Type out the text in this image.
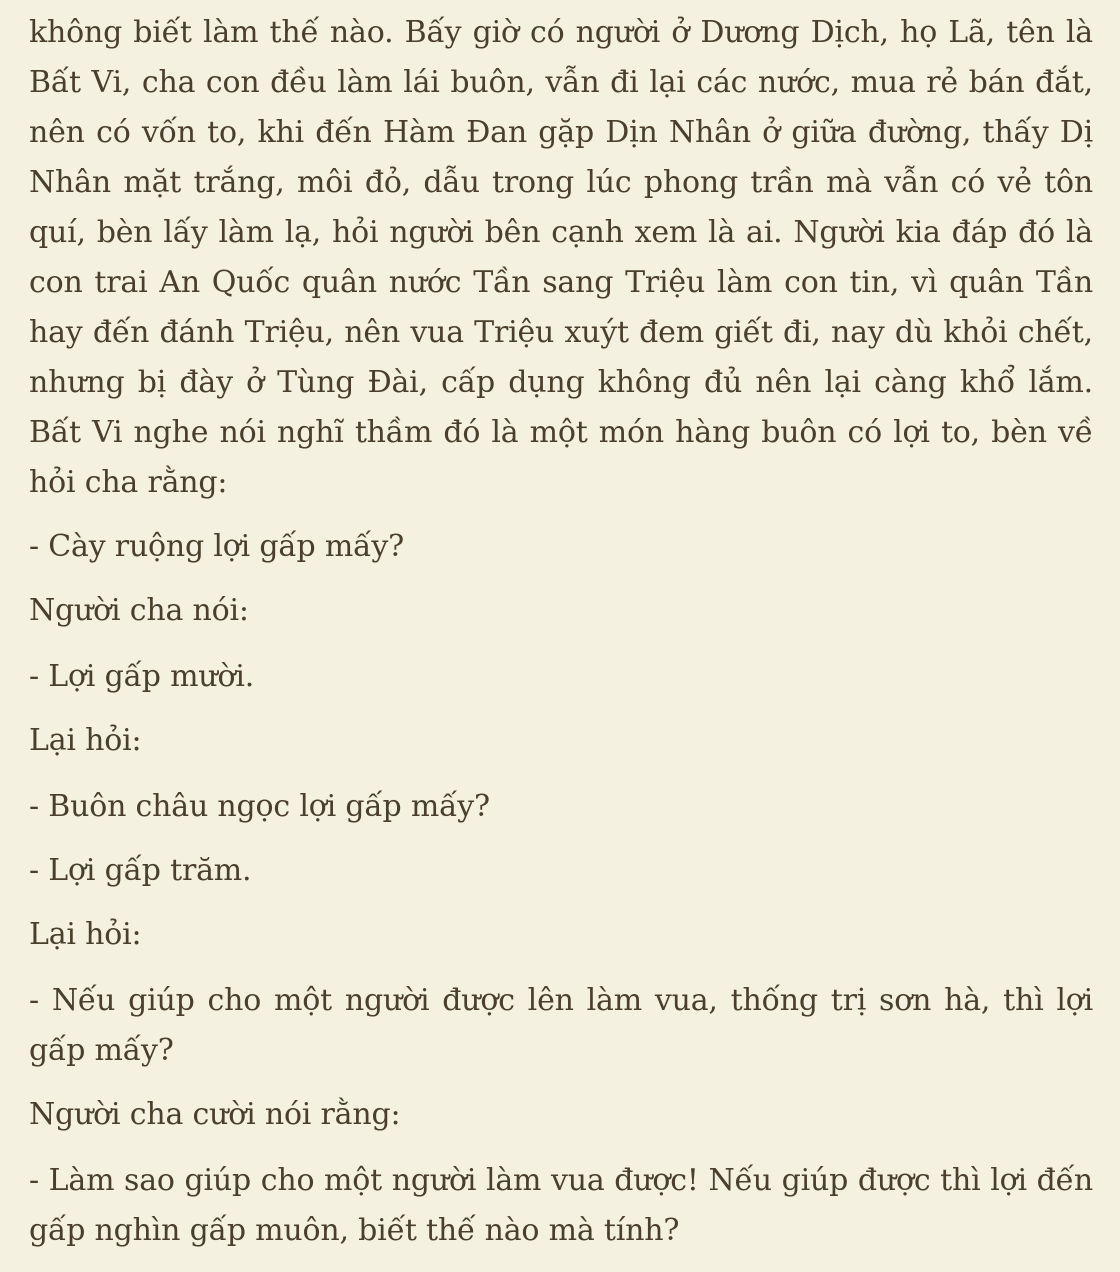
không biết làm thế nào. Bấy giờ có người ở Dương Dịch, họ Lã, tên là Bất Vi, cha con đều làm lái buôn, vẫn đi lại các nước, mua rẻ bán đắt, nên có vốn to, khi đến Hàm Đan gặp Dịn Nhân ở giữa đường, thấy Dị Nhân mặt trắng, môi đỏ, dẫu trong lúc phong trần mà vẫn có vẻ tôn quí, bèn lấy làm lạ, hỏi người bên cạnh xem là ai. Người kia đáp đó là con trai An Quốc quân nước Tần sang Triệu làm con tin, vì quân Tần hay đến đánh Triệu, nên vua Triệu xuýt đem giết đi, nay dù khỏi chết, nhưng bị đày ở Tùng Đài, cấp dụng không đủ nên lại càng khổ lắm. Bất Vi nghe nói nghĩ thầm đó là một món hàng buôn có lợi to, bèn về hỏi cha rằng:

- Cày ruộng lợi gấp mấy?

Người cha nói:

- Lợi gấp mười.

Lại hỏi:

- Buôn châu ngọc lợi gấp mấy?

- Lợi gấp trăm.

Lại hỏi:

- Nếu giúp cho một người được lên làm vua, thống trị sơn hà, thì lợi gấp mấy?

Người cha cười nói rằng:

- Làm sao giúp cho một người làm vua được! Nếu giúp được thì lợi đến gấp nghìn gấp muôn, biết thế nào mà tính?
